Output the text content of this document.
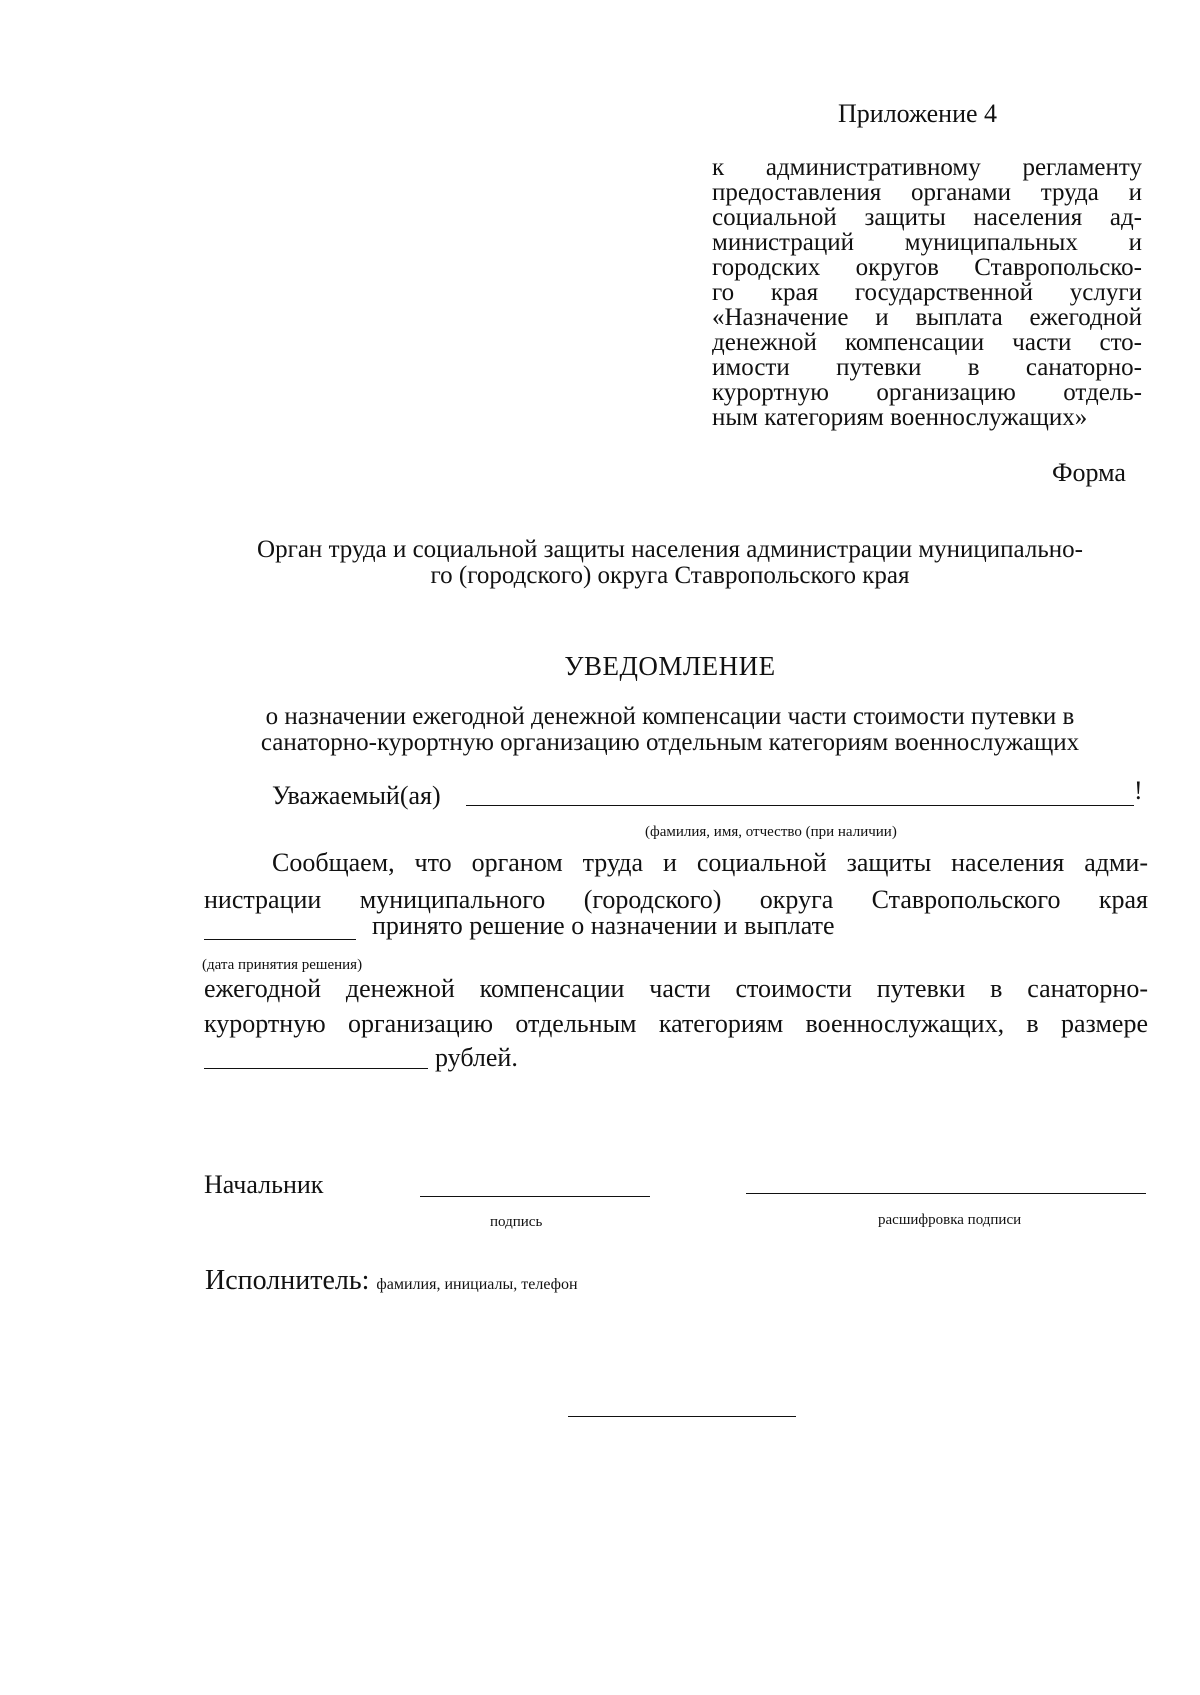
Приложение 4
к административному регламенту
предоставления органами труда и
социальной защиты населения ад-
министраций муниципальных и
городских округов Ставропольско-
го края государственной услуги
«Назначение и выплата ежегодной
денежной компенсации части сто-
имости путевки в санаторно-
курортную организацию отдель-
ным категориям военнослужащих»
Форма
Орган труда и социальной защиты населения администрации муниципально-
го (городского) округа Ставропольского края
УВЕДОМЛЕНИЕ
о назначении ежегодной денежной компенсации части стоимости путевки в
санаторно-курортную организацию отдельным категориям военнослужащих
Уважаемый(ая)	!
(фамилия, имя, отчество (при наличии)
Сообщаем, что органом труда и социальной защиты населения адми-
нистрации муниципального (городского) округа Ставропольского края
принято решение о назначении и выплате
(дата принятия решения)
ежегодной денежной компенсации части стоимости путевки в санаторно-
курортную организацию отдельным категориям военнослужащих, в размере
рублей.
Начальник
подпись	расшифровка подписи
Исполнитель: фамилия, инициалы, телефон
